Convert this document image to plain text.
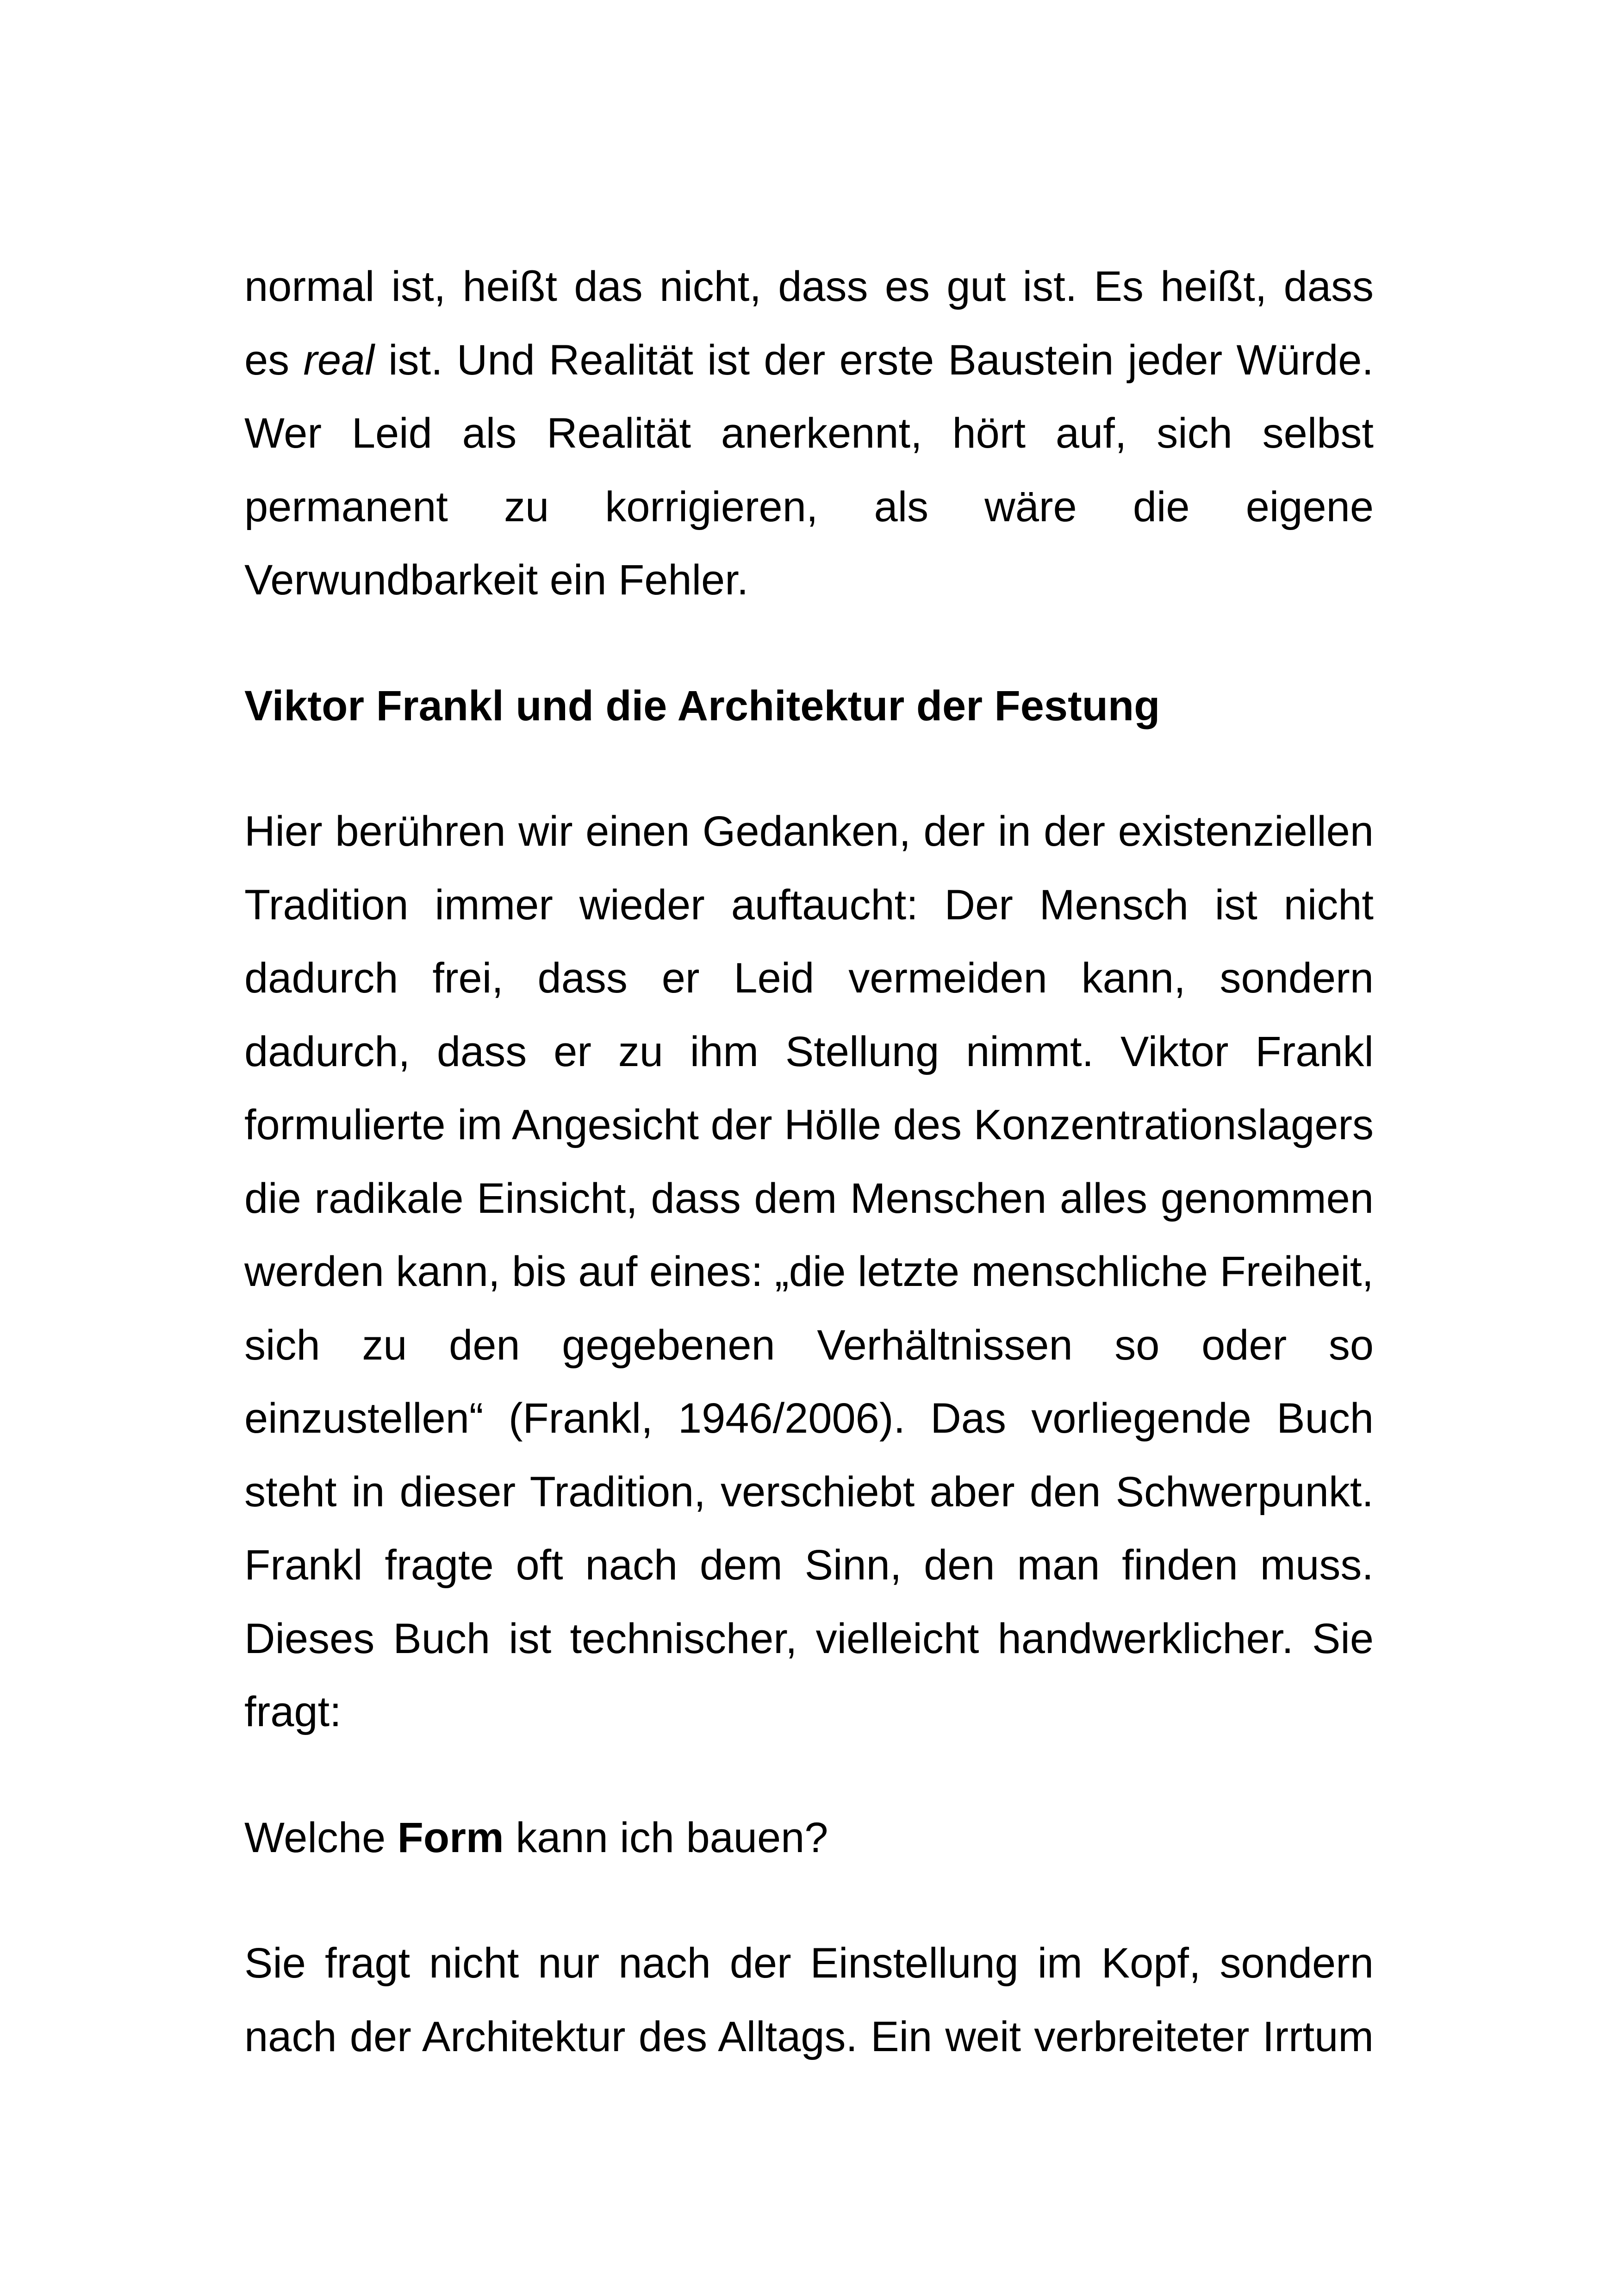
normal ist, heißt das nicht, dass es gut ist. Es heißt, dass es real ist. Und Realität ist der erste Baustein jeder Würde. Wer Leid als Realität anerkennt, hört auf, sich selbst permanent zu korrigieren, als wäre die eigene Verwundbarkeit ein Fehler.

Viktor Frankl und die Architektur der Festung

Hier berühren wir einen Gedanken, der in der existenziellen Tradition immer wieder auftaucht: Der Mensch ist nicht dadurch frei, dass er Leid vermeiden kann, sondern dadurch, dass er zu ihm Stellung nimmt. Viktor Frankl formulierte im Angesicht der Hölle des Konzentrationslagers die radikale Einsicht, dass dem Menschen alles genommen werden kann, bis auf eines: „die letzte menschliche Freiheit, sich zu den gegebenen Verhältnissen so oder so einzustellen“ (Frankl, 1946/2006). Das vorliegende Buch steht in dieser Tradition, verschiebt aber den Schwerpunkt. Frankl fragte oft nach dem Sinn, den man finden muss. Dieses Buch ist technischer, vielleicht handwerklicher. Sie fragt:

Welche Form kann ich bauen?

Sie fragt nicht nur nach der Einstellung im Kopf, sondern nach der Architektur des Alltags. Ein weit verbreiteter Irrtum
